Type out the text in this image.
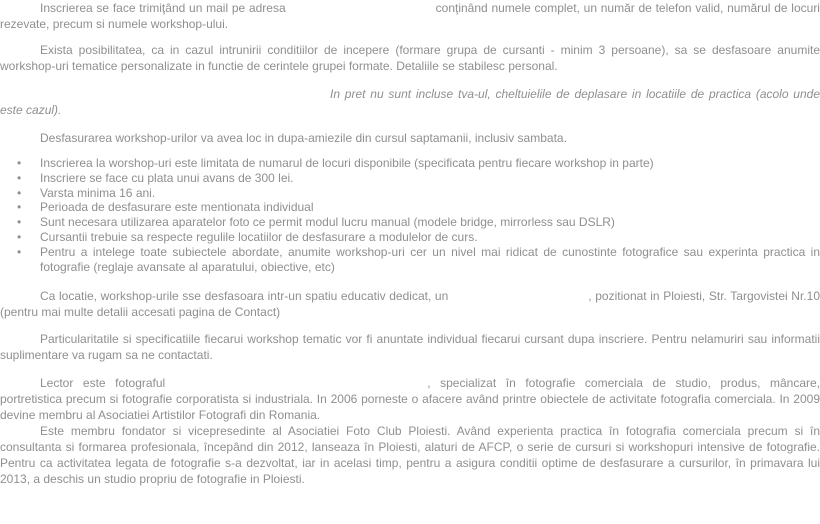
Inscrierea se face trimiţând un mail pe adresa	conţinând numele complet, un număr de telefon valid, numărul de locuri rezevate, precum si numele workshop-ului.

Exista posibilitatea, ca in cazul intrunirii conditiilor de incepere (formare grupa de cursanti - minim 3 persoane), sa se desfasoare anumite workshop-uri tematice personalizate in functie de cerintele grupei formate. Detaliile se stabilesc personal.

In pret nu sunt incluse tva-ul, cheltuielile de deplasare in locatiile de practica (acolo unde este cazul).

Desfasurarea workshop-urilor va avea loc in dupa-amiezile din cursul saptamanii, inclusiv sambata.

• Inscrierea la worshop-uri este limitata de numarul de locuri disponibile (specificata pentru fiecare workshop in parte)
• Inscriere se face cu plata unui avans de 300 lei.
• Varsta minima 16 ani.
• Perioada de desfasurare este mentionata individual
• Sunt necesara utilizarea aparatelor foto ce permit modul lucru manual (modele bridge, mirrorless sau DSLR)
• Cursantii trebuie sa respecte regulile locatiilor de desfasurare a modulelor de curs.
• Pentru a intelege toate subiectele abordate, anumite workshop-uri cer un nivel mai ridicat de cunostinte fotografice sau experinta practica in fotografie (reglaje avansate al aparatului, obiective, etc)

Ca locatie, workshop-urile sse desfasoara intr-un spatiu educativ dedicat, un	, pozitionat in Ploiesti, Str. Targovistei Nr.10 (pentru mai multe detalii accesati pagina de Contact)

Particularitatile si specificatiile fiecarui workshop tematic vor fi anuntate individual fiecarui cursant dupa inscriere. Pentru nelamuriri sau informatii suplimentare va rugam sa ne contactati.

Lector este fotograful	, specializat în fotografie comerciala de studio, produs, mâncare, portretistica precum si fotografie corporatista si industriala. In 2006 porneste o afacere având printre obiectele de activitate fotografia comerciala. In 2009 devine membru al Asociatiei Artistilor Fotografi din Romania.

Este membru fondator si vicepresedinte al Asociatiei Foto Club Ploiesti. Având experienta practica în fotografia comerciala precum si în consultanta si formarea profesionala, începând din 2012, lanseaza în Ploiesti, alaturi de AFCP, o serie de cursuri si workshopuri intensive de fotografie. Pentru ca activitatea legata de fotografie s-a dezvoltat, iar in acelasi timp, pentru a asigura conditii optime de desfasurare a cursurilor, în primavara lui 2013, a deschis un studio propriu de fotografie in Ploiesti.
